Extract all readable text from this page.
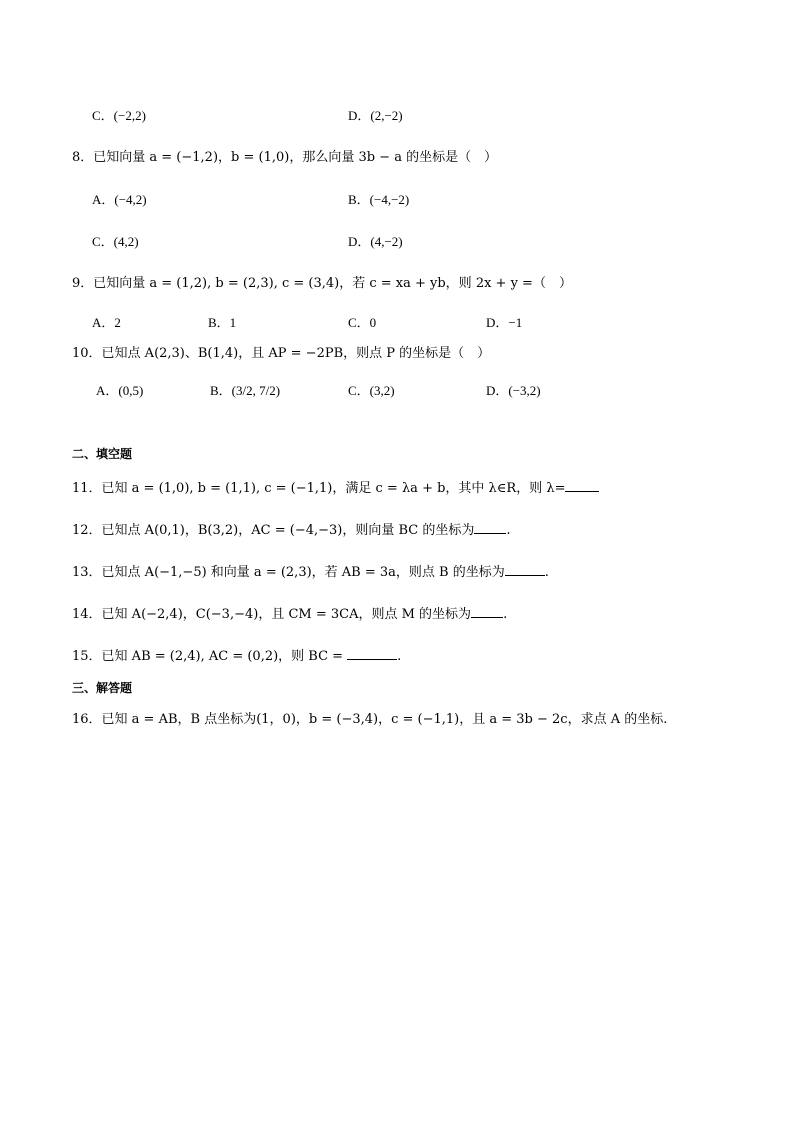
C．(−2,2)	D．(2,−2)
8．已知向量 a = (−1,2)，b = (1,0)，那么向量 3b − a 的坐标是（　）
A．(−4,2)	B．(−4,−2)
C．(4,2)	D．(4,−2)
9．已知向量 a = (1,2), b = (2,3), c = (3,4)，若 c = xa + yb，则 2x + y =（　）
A．2	B．1	C．0	D．−1
10．已知点 A(2,3)、B(1,4)，且 AP = −2PB，则点 P 的坐标是（　）
A．(0,5)	B．(3/2, 7/2)	C．(3,2)	D．(−3,2)
二、填空题
11．已知 a = (1,0), b = (1,1), c = (−1,1)，满足 c = λa + b，其中 λ∈R，则 λ=
12．已知点 A(0,1)，B(3,2)，AC = (−4,−3)，则向量 BC 的坐标为 .
13．已知点 A(−1,−5) 和向量 a = (2,3)，若 AB = 3a，则点 B 的坐标为	.
14．已知 A(−2,4)，C(−3,−4)，且 CM = 3CA，则点 M 的坐标为 .
15．已知 AB = (2,4), AC = (0,2)，则 BC =	.
三、解答题
16．已知 a = AB，B 点坐标为(1，0)，b = (−3,4)，c = (−1,1)，且 a = 3b − 2c，求点 A 的坐标.
